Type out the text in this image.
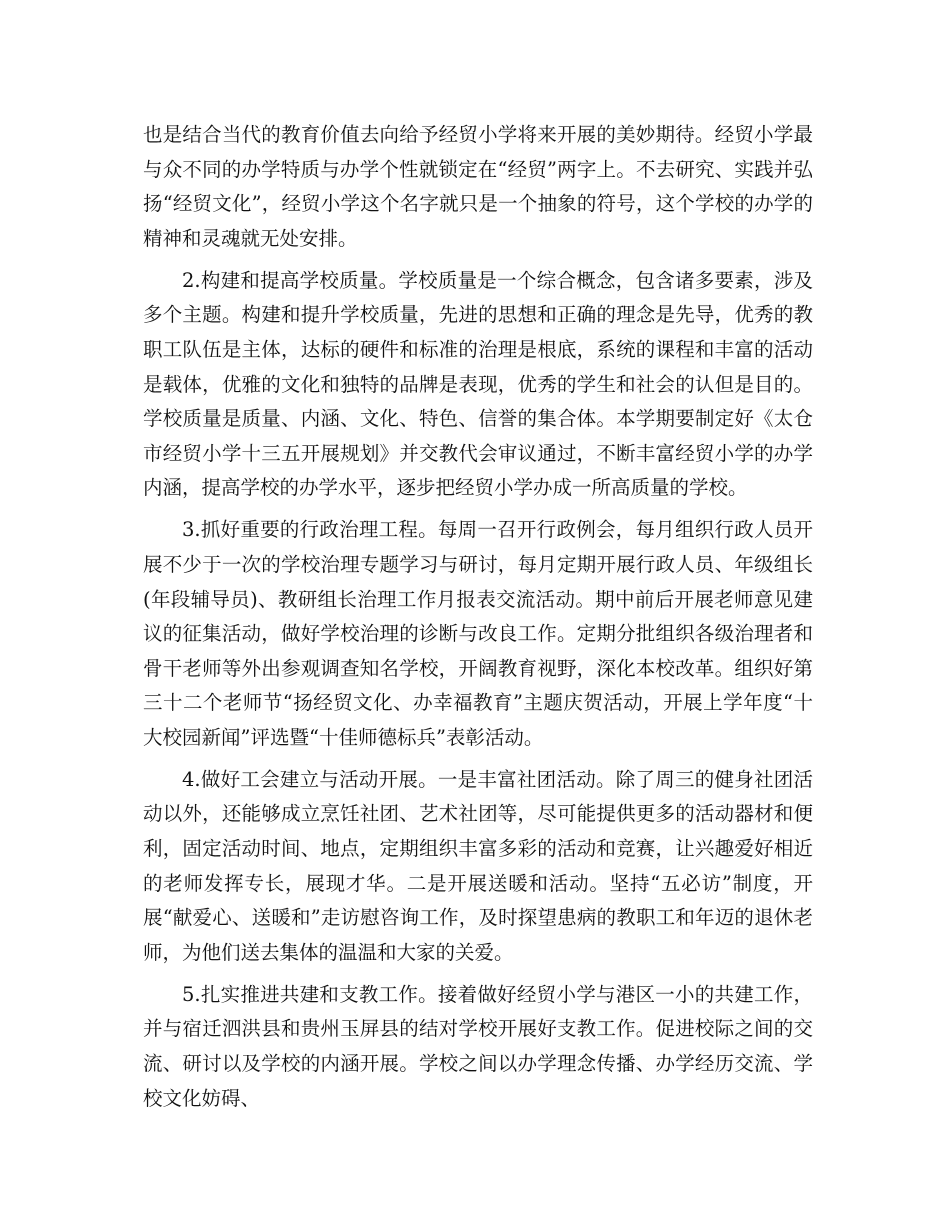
也是结合当代的教育价值去向给予经贸小学将来开展的美妙期待。经贸小学最与众不同的办学特质与办学个性就锁定在“经贸”两字上。不去研究、实践并弘扬“经贸文化”，经贸小学这个名字就只是一个抽象的符号，这个学校的办学的精神和灵魂就无处安排。

2.构建和提高学校质量。学校质量是一个综合概念，包含诸多要素，涉及多个主题。构建和提升学校质量，先进的思想和正确的理念是先导，优秀的教职工队伍是主体，达标的硬件和标准的治理是根底，系统的课程和丰富的活动是载体，优雅的文化和独特的品牌是表现，优秀的学生和社会的认但是目的。学校质量是质量、内涵、文化、特色、信誉的集合体。本学期要制定好《太仓市经贸小学十三五开展规划》并交教代会审议通过，不断丰富经贸小学的办学内涵，提高学校的办学水平，逐步把经贸小学办成一所高质量的学校。

3.抓好重要的行政治理工程。每周一召开行政例会，每月组织行政人员开展不少于一次的学校治理专题学习与研讨，每月定期开展行政人员、年级组长(年段辅导员)、教研组长治理工作月报表交流活动。期中前后开展老师意见建议的征集活动，做好学校治理的诊断与改良工作。定期分批组织各级治理者和骨干老师等外出参观调查知名学校，开阔教育视野，深化本校改革。组织好第三十二个老师节“扬经贸文化、办幸福教育”主题庆贺活动，开展上学年度“十大校园新闻”评选暨“十佳师德标兵”表彰活动。

4.做好工会建立与活动开展。一是丰富社团活动。除了周三的健身社团活动以外，还能够成立烹饪社团、艺术社团等，尽可能提供更多的活动器材和便利，固定活动时间、地点，定期组织丰富多彩的活动和竞赛，让兴趣爱好相近的老师发挥专长，展现才华。二是开展送暖和活动。坚持“五必访”制度，开展“献爱心、送暖和”走访慰咨询工作，及时探望患病的教职工和年迈的退休老师，为他们送去集体的温温和大家的关爱。

5.扎实推进共建和支教工作。接着做好经贸小学与港区一小的共建工作，并与宿迁泗洪县和贵州玉屏县的结对学校开展好支教工作。促进校际之间的交流、研讨以及学校的内涵开展。学校之间以办学理念传播、办学经历交流、学校文化妨碍、
